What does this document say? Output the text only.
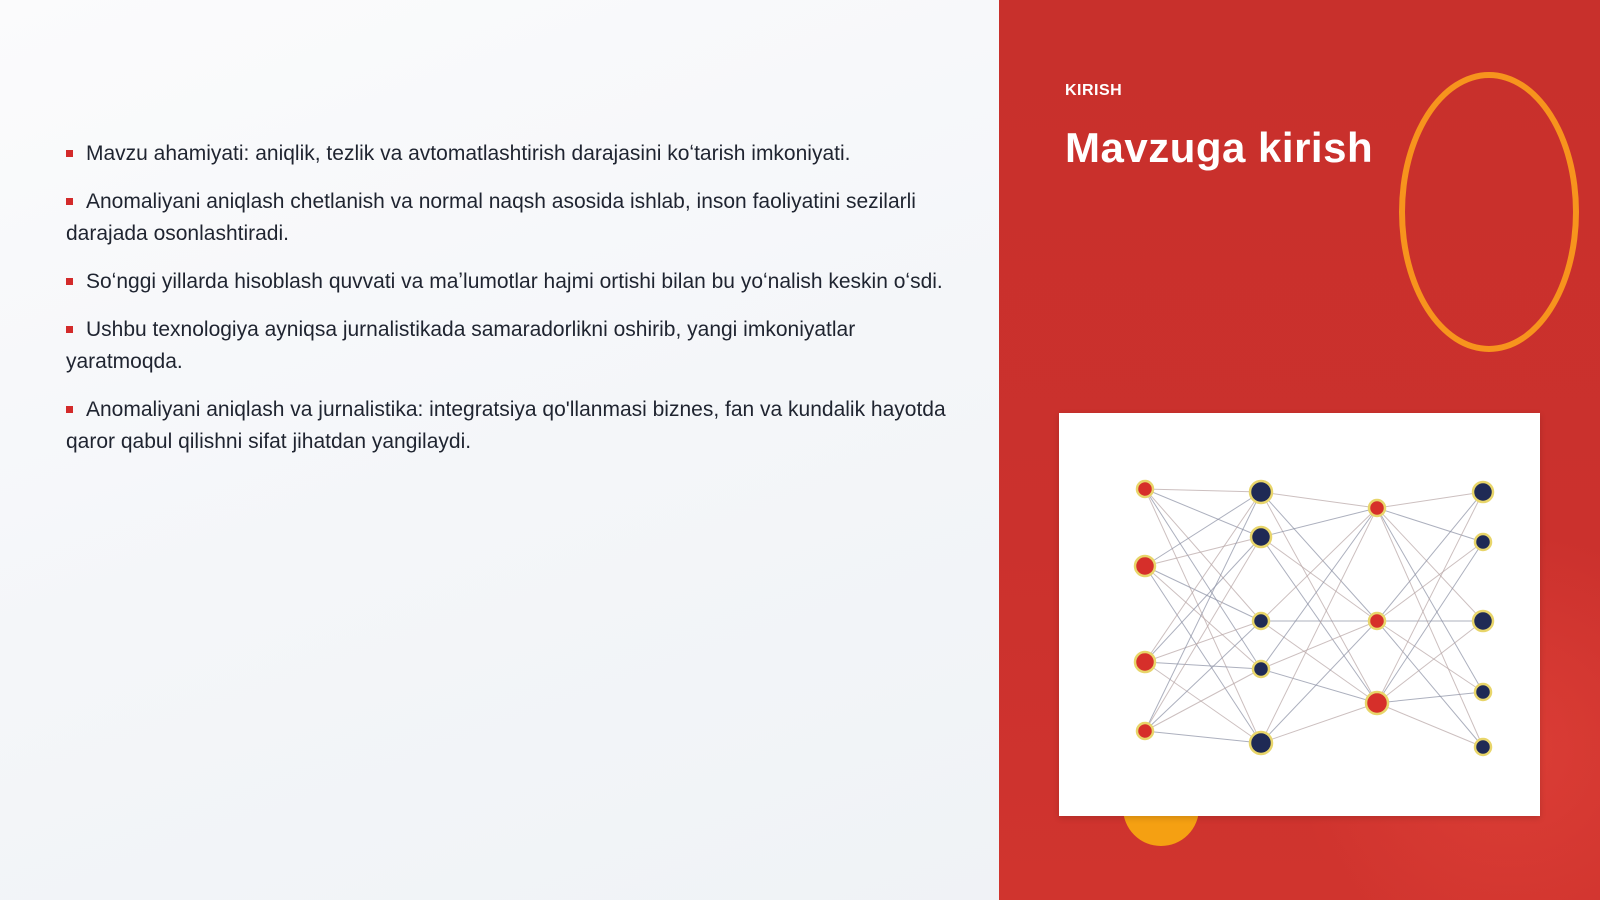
Mavzu ahamiyati: aniqlik, tezlik va avtomatlashtirish darajasini koʻtarish imkoniyati.
Anomaliyani aniqlash chetlanish va normal naqsh asosida ishlab, inson faoliyatini sezilarli darajada osonlashtiradi.
Soʻnggi yillarda hisoblash quvvati va maʼlumotlar hajmi ortishi bilan bu yoʻnalish keskin oʻsdi.
Ushbu texnologiya ayniqsa jurnalistikada samaradorlikni oshirib, yangi imkoniyatlar yaratmoqda.
Anomaliyani aniqlash va jurnalistika: integratsiya qo'llanmasi biznes, fan va kundalik hayotda qaror qabul qilishni sifat jihatdan yangilaydi.
KIRISH
Mavzuga kirish
